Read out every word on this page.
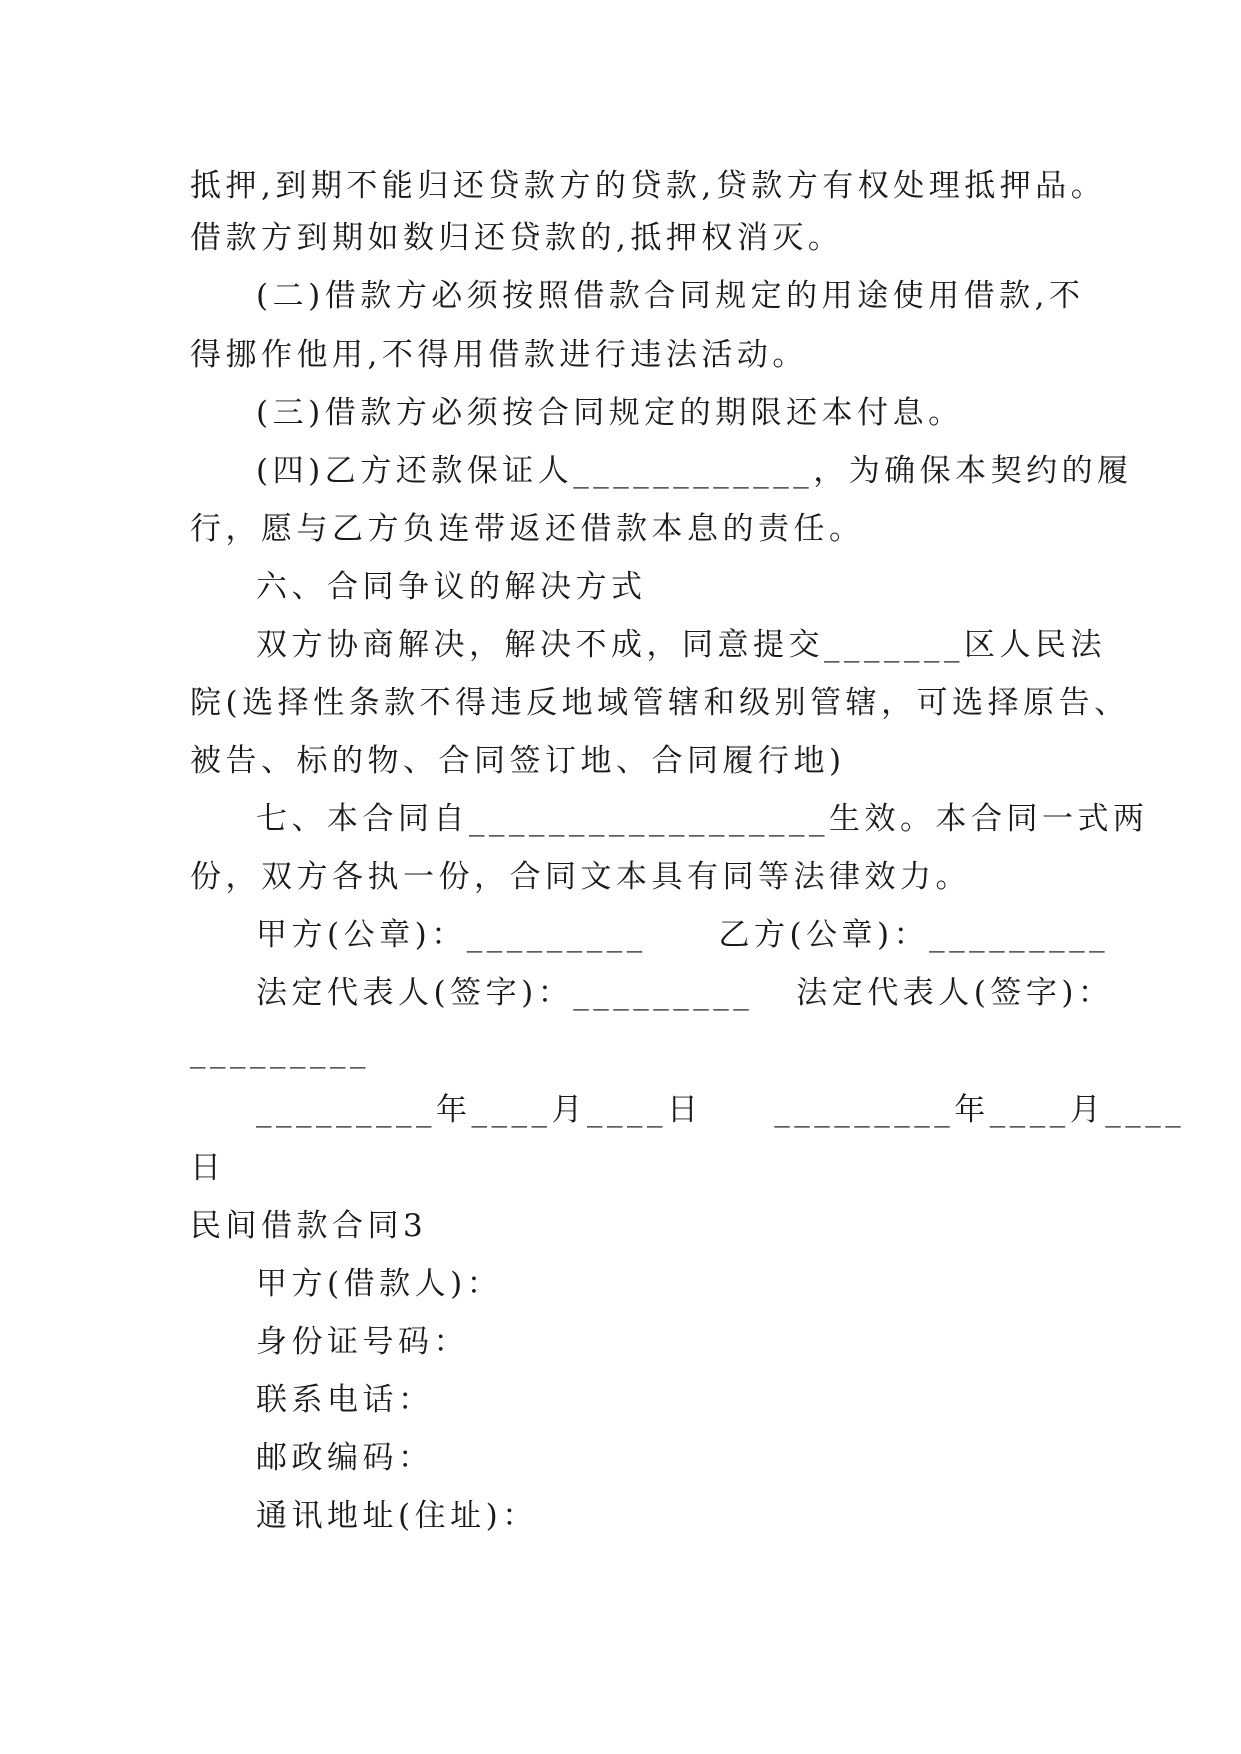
抵押,到期不能归还贷款方的贷款,贷款方有权处理抵押品。

借款方到期如数归还贷款的,抵押权消灭。

(二)借款方必须按照借款合同规定的用途使用借款,不

得挪作他用,不得用借款进行违法活动。

(三)借款方必须按合同规定的期限还本付息。

(四)乙方还款保证人____________，为确保本契约的履

行，愿与乙方负连带返还借款本息的责任。

六、合同争议的解决方式

双方协商解决，解决不成，同意提交_______区人民法

院(选择性条款不得违反地域管辖和级别管辖，可选择原告、

被告、标的物、合同签订地、合同履行地)

七、本合同自__________________生效。本合同一式两

份，双方各执一份，合同文本具有同等法律效力。

甲方(公章)：_________     乙方(公章)：_________

法定代表人(签字)：_________   法定代表人(签字)：

_________

_________年____月____日     _________年____月____

日

民间借款合同3

甲方(借款人)：

身份证号码：

联系电话：

邮政编码：

通讯地址(住址)：
